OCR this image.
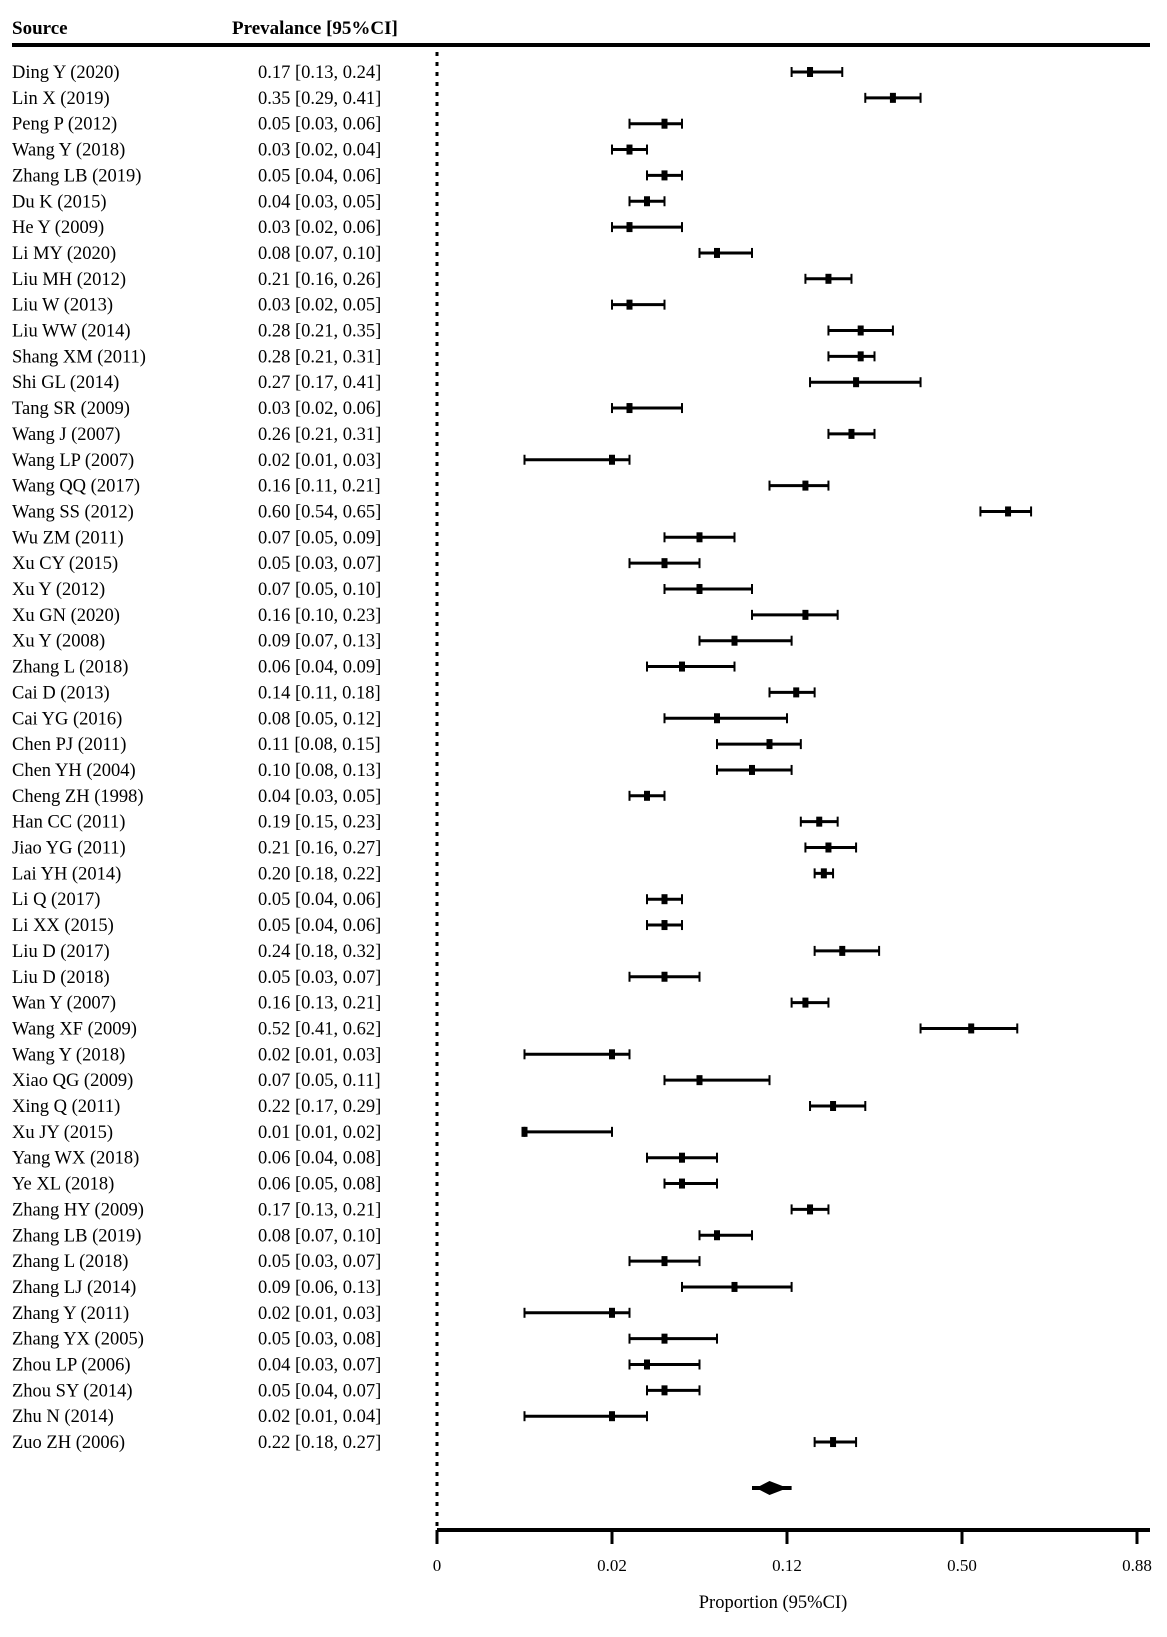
Source	Prevalance [95%CI]
Ding Y (2020)	0.17 [0.13, 0.24]
Lin X (2019)	0.35 [0.29, 0.41]
Peng P (2012)	0.05 [0.03, 0.06]
Wang Y (2018)	0.03 [0.02, 0.04]
Zhang LB (2019)	0.05 [0.04, 0.06]
Du K (2015)	0.04 [0.03, 0.05]
He Y (2009)	0.03 [0.02, 0.06]
Li MY (2020)	0.08 [0.07, 0.10]
Liu MH (2012)	0.21 [0.16, 0.26]
Liu W (2013)	0.03 [0.02, 0.05]
Liu WW (2014)	0.28 [0.21, 0.35]
Shang XM (2011)	0.28 [0.21, 0.31]
Shi GL (2014)	0.27 [0.17, 0.41]
Tang SR (2009)	0.03 [0.02, 0.06]
Wang J (2007)	0.26 [0.21, 0.31]
Wang LP (2007)	0.02 [0.01, 0.03]
Wang QQ (2017)	0.16 [0.11, 0.21]
Wang SS (2012)	0.60 [0.54, 0.65]
Wu ZM (2011)	0.07 [0.05, 0.09]
Xu CY (2015)	0.05 [0.03, 0.07]
Xu Y (2012)	0.07 [0.05, 0.10]
Xu GN (2020)	0.16 [0.10, 0.23]
Xu Y (2008)	0.09 [0.07, 0.13]
Zhang L (2018)	0.06 [0.04, 0.09]
Cai D (2013)	0.14 [0.11, 0.18]
Cai YG (2016)	0.08 [0.05, 0.12]
Chen PJ (2011)	0.11 [0.08, 0.15]
Chen YH (2004)	0.10 [0.08, 0.13]
Cheng ZH (1998)	0.04 [0.03, 0.05]
Han CC (2011)	0.19 [0.15, 0.23]
Jiao YG (2011)	0.21 [0.16, 0.27]
Lai YH (2014)	0.20 [0.18, 0.22]
Li Q (2017)	0.05 [0.04, 0.06]
Li XX (2015)	0.05 [0.04, 0.06]
Liu D (2017)	0.24 [0.18, 0.32]
Liu D (2018)	0.05 [0.03, 0.07]
Wan Y (2007)	0.16 [0.13, 0.21]
Wang XF (2009)	0.52 [0.41, 0.62]
Wang Y (2018)	0.02 [0.01, 0.03]
Xiao QG (2009)	0.07 [0.05, 0.11]
Xing Q (2011)	0.22 [0.17, 0.29]
Xu JY (2015)	0.01 [0.01, 0.02]
Yang WX (2018)	0.06 [0.04, 0.08]
Ye XL (2018)	0.06 [0.05, 0.08]
Zhang HY (2009)	0.17 [0.13, 0.21]
Zhang LB (2019)	0.08 [0.07, 0.10]
Zhang L (2018)	0.05 [0.03, 0.07]
Zhang LJ (2014)	0.09 [0.06, 0.13]
Zhang Y (2011)	0.02 [0.01, 0.03]
Zhang YX (2005)	0.05 [0.03, 0.08]
Zhou LP (2006)	0.04 [0.03, 0.07]
Zhou SY (2014)	0.05 [0.04, 0.07]
Zhu N (2014)	0.02 [0.01, 0.04]
Zuo ZH (2006)	0.22 [0.18, 0.27]
0	0.02	0.12	0.50	0.88
Proportion (95%CI)
